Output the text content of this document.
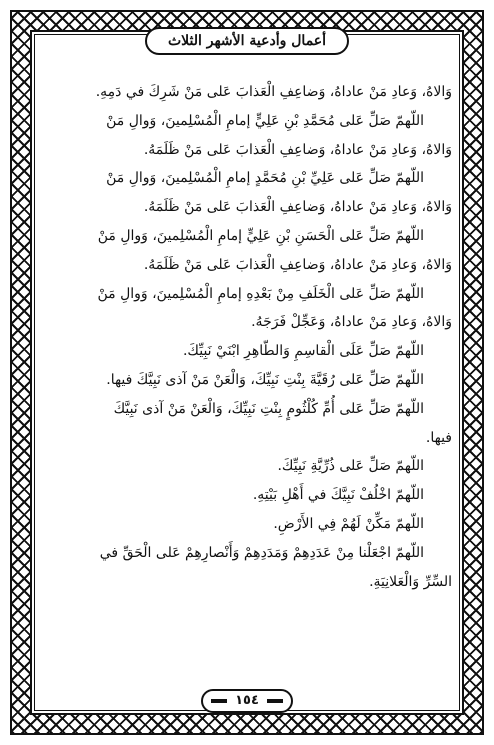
أعمال وأدعية الأشهر الثلاث
وَالاهُ، وَعادِ مَنْ عاداهُ، وَضاعِفِ الْعَذابَ عَلى مَنْ شَرِكَ في دَمِهِ.
اللّهمّ صَلِّ عَلى مُحَمَّدِ بْنِ عَلِيٍّ إمامِ الْمُسْلِمينَ، وَوالِ مَنْ
وَالاهُ، وَعادِ مَنْ عاداهُ، وَضاعِفِ الْعَذابَ عَلى مَنْ ظَلَمَهُ.
اللّهمّ صَلِّ عَلى عَلِيِّ بْنِ مُحَمَّدٍ إمامِ الْمُسْلِمينَ، وَوالِ مَنْ
وَالاهُ، وَعادِ مَنْ عاداهُ، وَضاعِفِ الْعَذابَ عَلى مَنْ ظَلَمَهُ.
اللّهمّ صَلِّ عَلى الْحَسَنِ بْنِ عَلِيٍّ إمامِ الْمُسْلِمينَ، وَوالِ مَنْ
وَالاهُ، وَعادِ مَنْ عاداهُ، وَضاعِفِ الْعَذابَ عَلى مَنْ ظَلَمَهُ.
اللّهمّ صَلِّ عَلى الْخَلَفِ مِنْ بَعْدِهِ إمامِ الْمُسْلِمينَ، وَوالِ مَنْ
وَالاهُ، وَعادِ مَنْ عاداهُ، وَعَجِّلْ فَرَجَهُ.
اللّهمّ صَلِّ عَلَى الْقاسِمِ وَالطّاهِرِ ابْنَيْ نَبِيِّكَ.
اللّهمّ صَلِّ عَلى رُقَيَّةَ بِنْتِ نَبِيِّكَ، وَالْعَنْ مَنْ آذى نَبِيَّكَ فيها.
اللّهمّ صَلِّ عَلى أُمِّ كُلْثُومٍ بِنْتِ نَبِيِّكَ، وَالْعَنْ مَنْ آذى نَبِيَّكَ
فيها.
اللّهمّ صَلِّ عَلى ذُرِّيَّةِ نَبِيِّكَ.
اللّهمّ اخْلُفْ نَبِيَّكَ في أَهْلِ بَيْتِهِ.
اللّهمّ مَكِّنْ لَهُمْ فِي الأَرْضِ.
اللّهمّ اجْعَلْنا مِنْ عَدَدِهِمْ وَمَدَدِهِمْ وَأَنْصارِهِمْ عَلى الْحَقِّ في
السِّرِّ وَالْعَلانِيَةِ.
١٥٤
